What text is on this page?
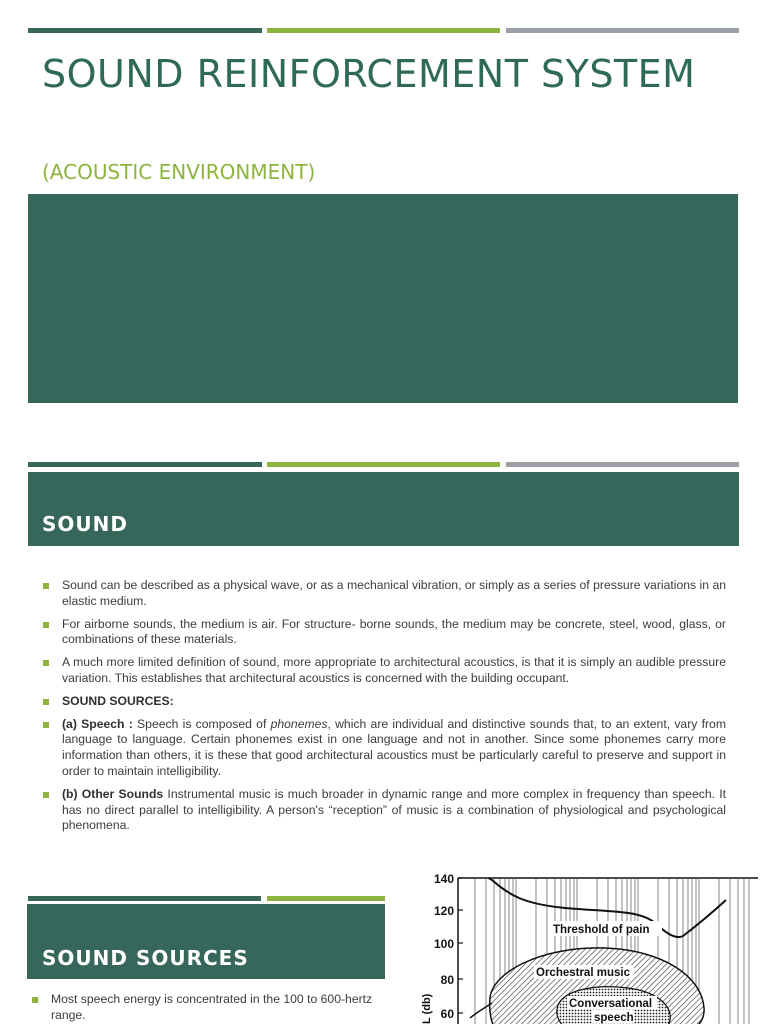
SOUND REINFORCEMENT SYSTEM
(ACOUSTIC ENVIRONMENT)
SOUND
Sound can be described as a physical wave, or as a mechanical vibration, or simply as a series of pressure variations in an elastic medium.
For airborne sounds, the medium is air. For structure- borne sounds, the medium may be concrete, steel, wood, glass, or combinations of these materials.
A much more limited definition of sound, more appropriate to architectural acoustics, is that it is simply an audible pressure variation. This establishes that architectural acoustics is concerned with the building occupant.
SOUND SOURCES:
(a) Speech : Speech is composed of phonemes, which are individual and distinctive sounds that, to an extent, vary from language to language. Certain phonemes exist in one language and not in another. Since some phonemes carry more information than others, it is these that good architectural acoustics must be particularly careful to preserve and support in order to maintain intelligibility.
(b) Other Sounds Instrumental music is much broader in dynamic range and more complex in frequency than speech. It has no direct parallel to intelligibility. A person's “reception” of music is a combination of physiological and psychological phenomena.
SOUND SOURCES
Most speech energy is concentrated in the 100 to 600-hertz range.
140
120
100
80
60
L (db)
Threshold of pain
Orchestral music
Conversational
speech
